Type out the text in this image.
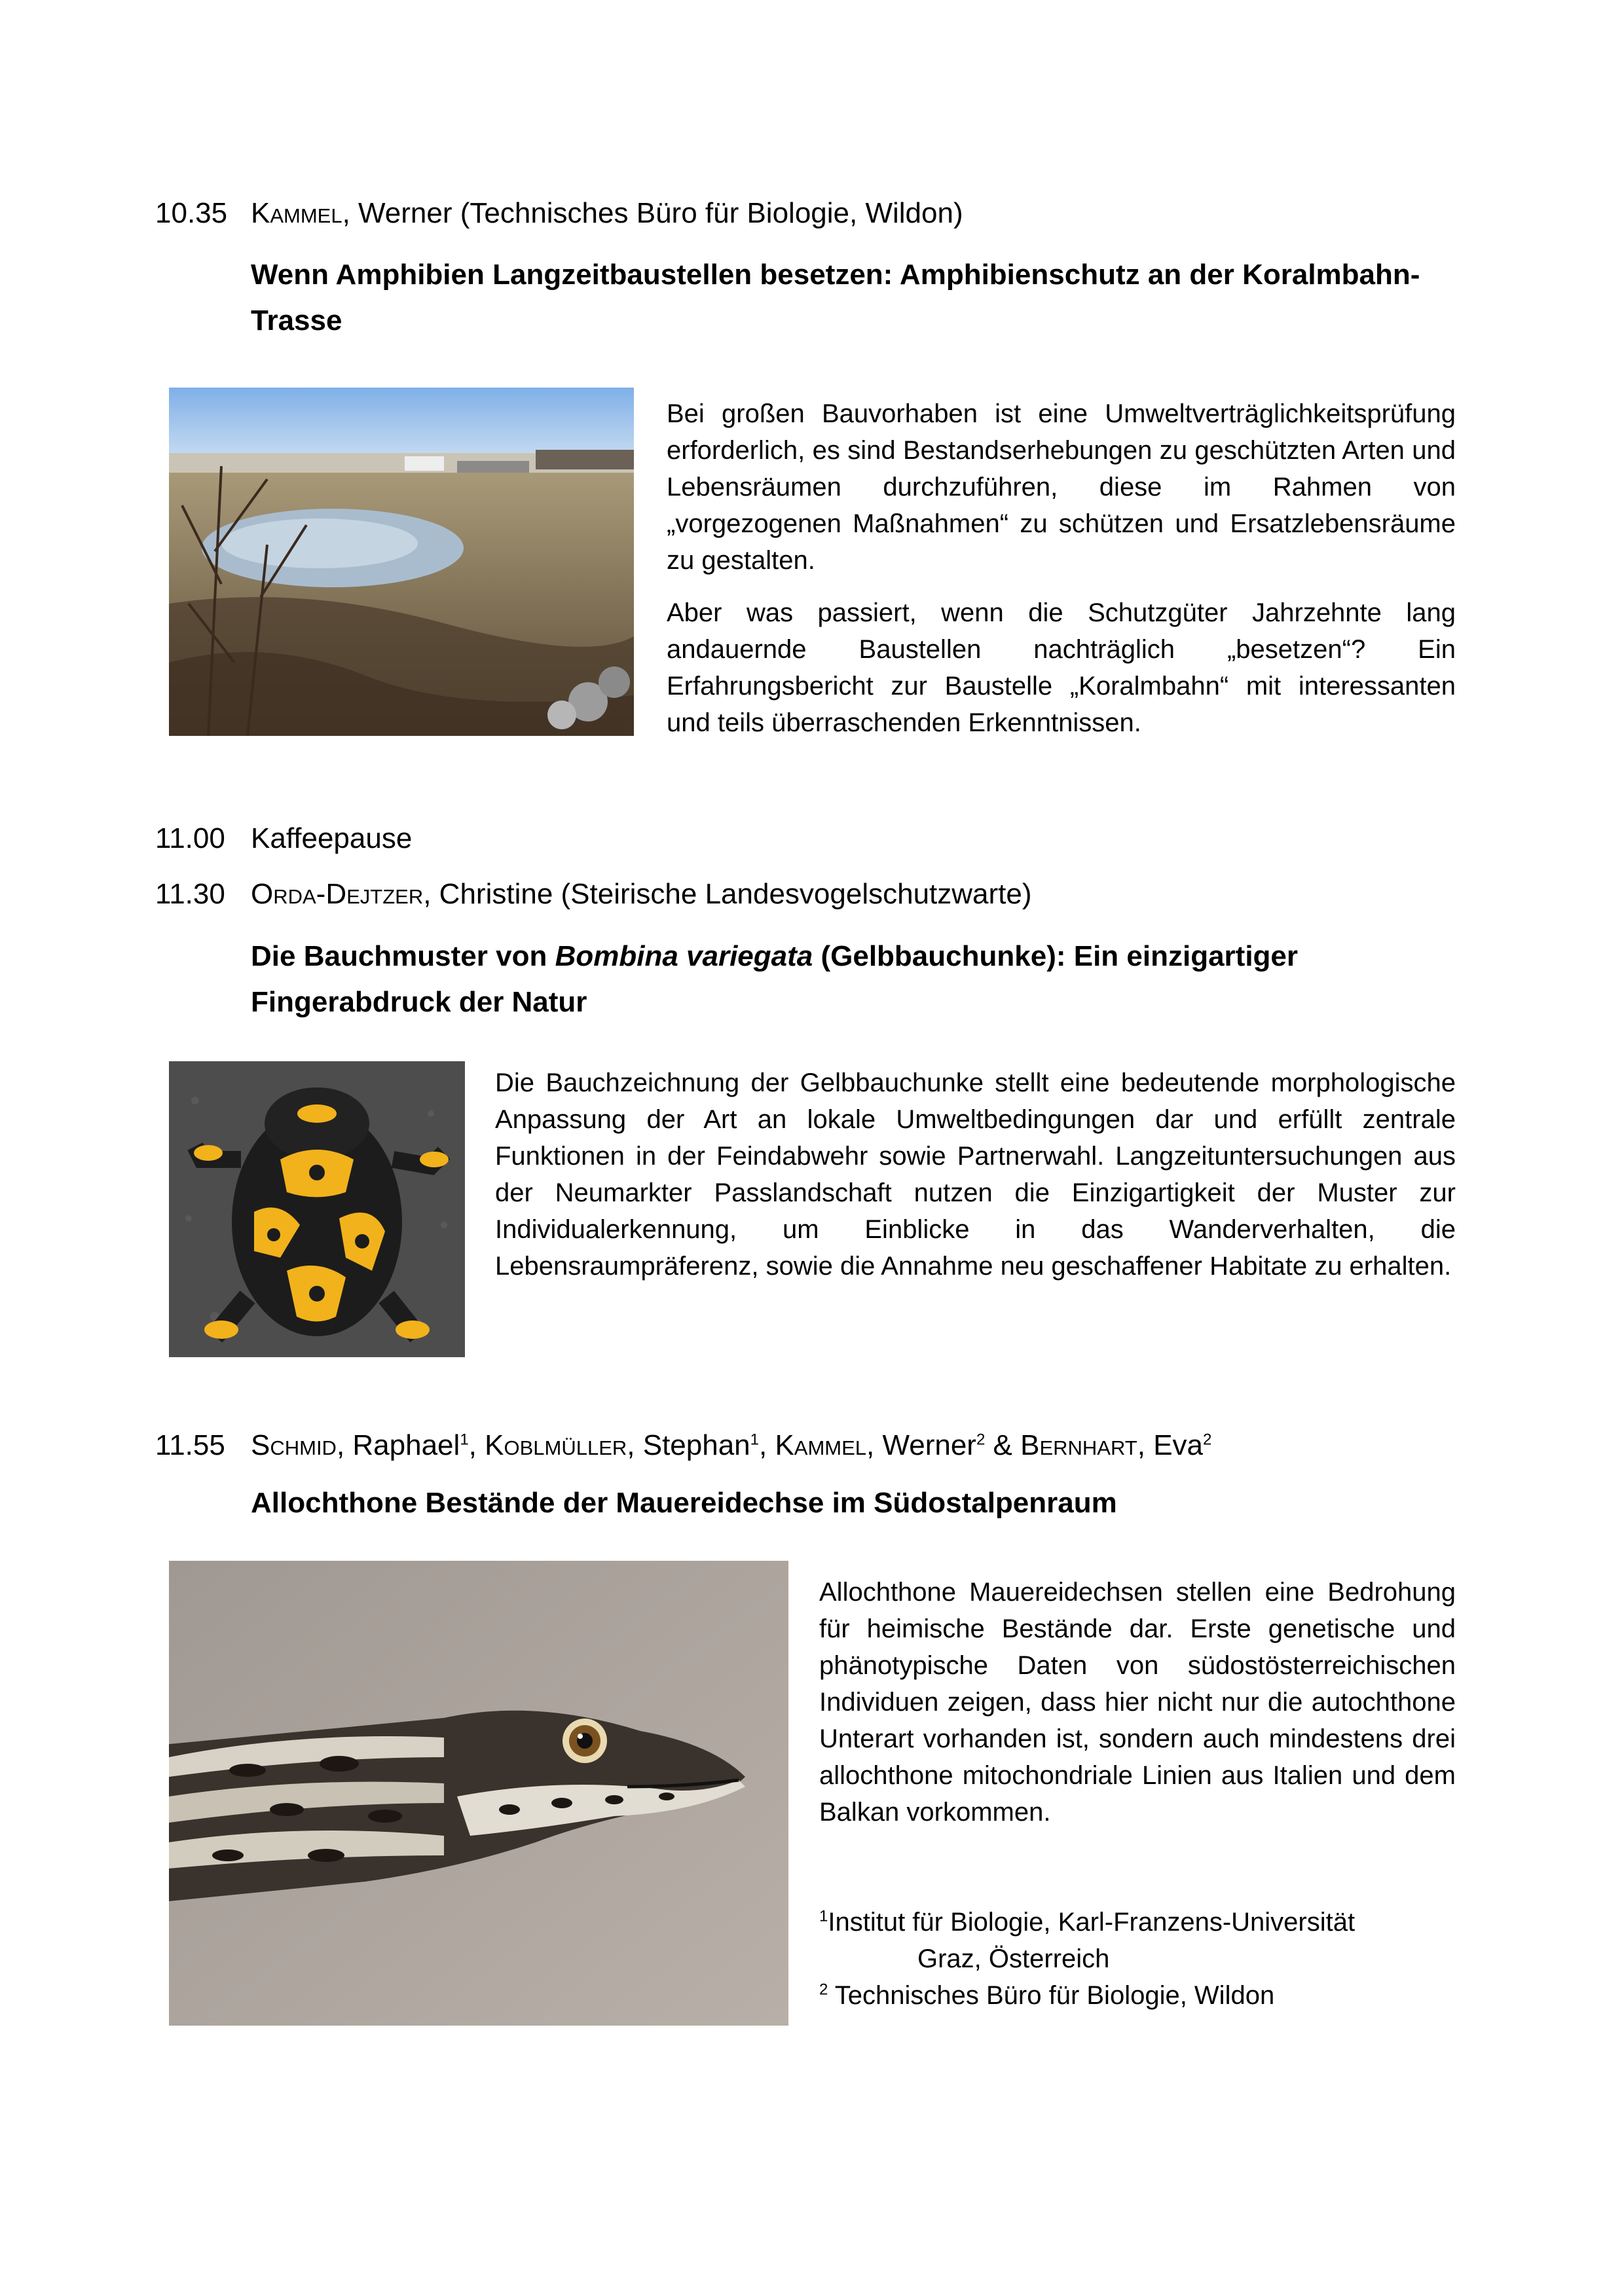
10.35 Kammel, Werner (Technisches Büro für Biologie, Wildon)
Wenn Amphibien Langzeitbaustellen besetzen: Amphibienschutz an der Koralmbahn-
Trasse

Bei großen Bauvorhaben ist eine Umweltverträglichkeitsprüfung erforderlich, es sind Bestandserhebungen zu geschützten Arten und Lebensräumen durchzuführen, diese im Rahmen von „vorgezogenen Maßnahmen“ zu schützen und Ersatzlebensräume zu gestalten.

Aber was passiert, wenn die Schutzgüter Jahrzehnte lang andauernde Baustellen nachträglich „besetzen“? Ein Erfahrungsbericht zur Baustelle „Koralmbahn“ mit interessanten und teils überraschenden Erkenntnissen.

11.00 Kaffeepause
11.30 Orda-Dejtzer, Christine (Steirische Landesvogelschutzwarte)
Die Bauchmuster von Bombina variegata (Gelbbauchunke): Ein einzigartiger
Fingerabdruck der Natur

Die Bauchzeichnung der Gelbbauchunke stellt eine bedeutende morphologische Anpassung der Art an lokale Umweltbedingungen dar und erfüllt zentrale Funktionen in der Feindabwehr sowie Partnerwahl. Langzeituntersuchungen aus der Neumarkter Passlandschaft nutzen die Einzigartigkeit der Muster zur Individualerkennung, um Einblicke in das Wanderverhalten, die Lebensraumpräferenz, sowie die Annahme neu geschaffener Habitate zu erhalten.

11.55 Schmid, Raphael$^1$, Koblmüller, Stephan$^1$, Kammel, Werner$^2$ & Bernhart, Eva$^2$
Allochthone Bestände der Mauereidechse im Südostalpenraum

Allochthone Mauereidechsen stellen eine Bedrohung für heimische Bestände dar. Erste genetische und phänotypische Daten von südostösterreichischen Individuen zeigen, dass hier nicht nur die autochthone Unterart vorhanden ist, sondern auch mindestens drei allochthone mitochondriale Linien aus Italien und dem Balkan vorkommen.

$^1$Institut für Biologie, Karl-Franzens-Universität
Graz, Österreich
$^2$ Technisches Büro für Biologie, Wildon
